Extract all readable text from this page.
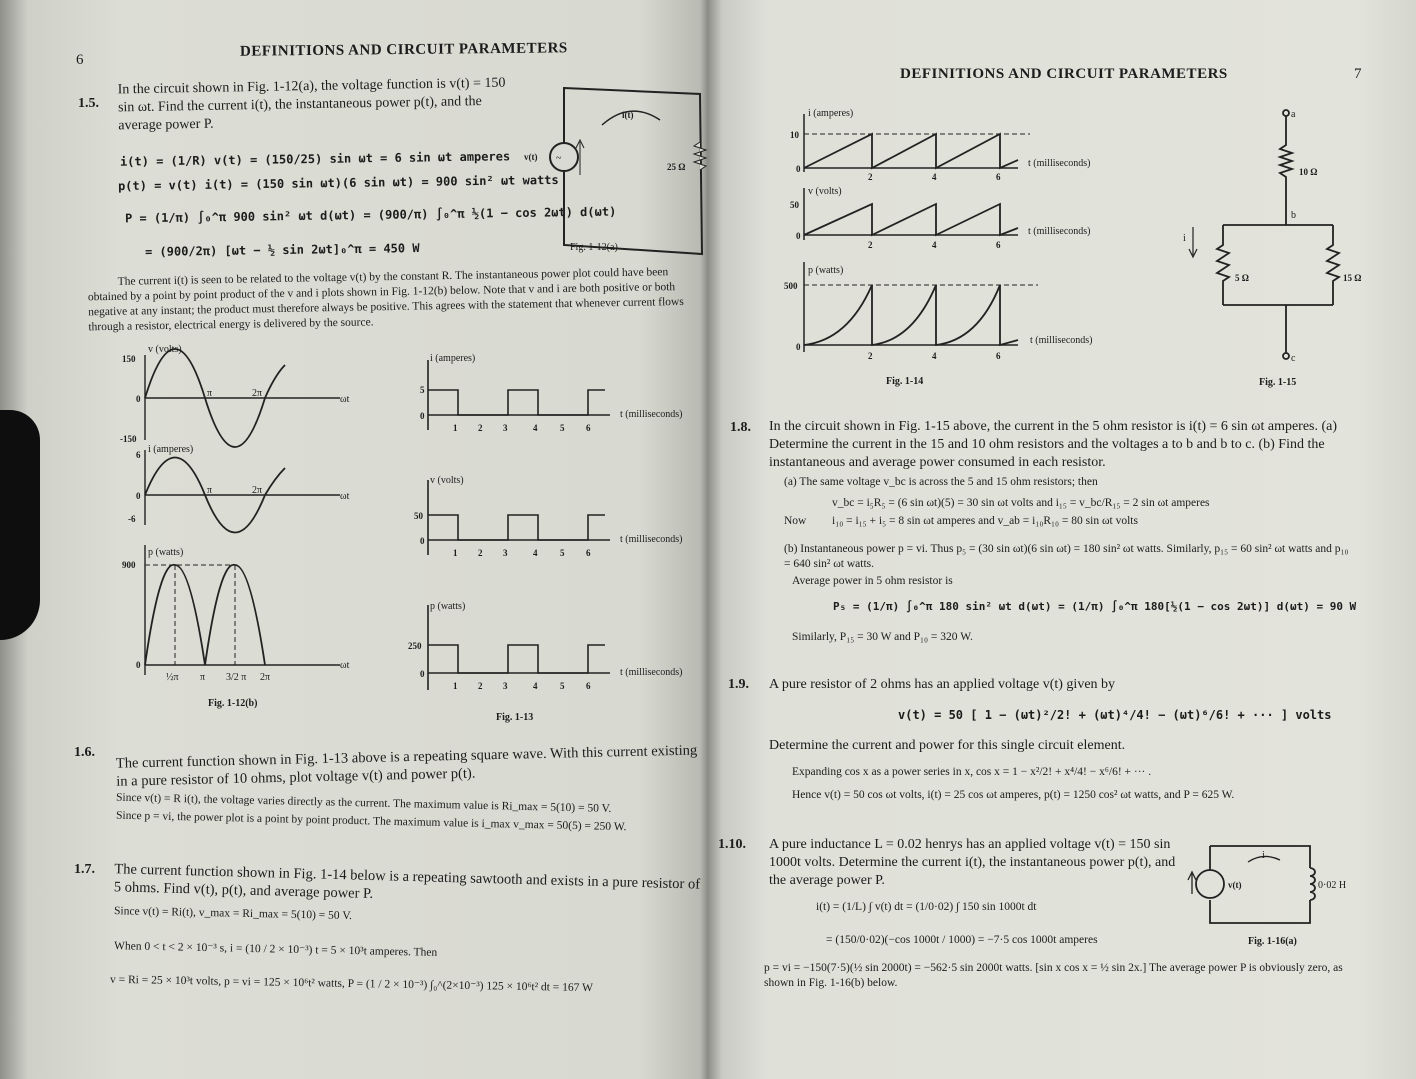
6
DEFINITIONS AND CIRCUIT PARAMETERS
1.5.
In the circuit shown in Fig. 1-12(a), the voltage function is v(t) = 150 sin ωt. Find the current i(t), the instantaneous power p(t), and the average power P.
i(t) = (1/R) v(t) = (150/25) sin ωt = 6 sin ωt amperes
p(t) = v(t) i(t) = (150 sin ωt)(6 sin ωt) = 900 sin² ωt watts
P = (1/π) ∫₀^π 900 sin² ωt d(ωt) = (900/π) ∫₀^π ½(1 − cos 2ωt) d(ωt)
= (900/2π) [ωt − ½ sin 2ωt]₀^π = 450 W
~
i(t)
v(t)
25 Ω
Fig. 1-12(a)
The current i(t) is seen to be related to the voltage v(t) by the constant R. The instantaneous power plot could have been obtained by a point by point product of the v and i plots shown in Fig. 1-12(b) below. Note that v and i are both positive or both negative at any instant; the product must therefore always be positive. This agrees with the statement that whenever current flows through a resistor, electrical energy is delivered by the source.
v (volts)
150
0
-150
π	2π
ωt
i (amperes)
6
0
-6
π	2π
ωt
p (watts)
900
0
½π π 3/2 π 2π
ωt
Fig. 1-12(b)
i (amperes)
5
0	t (milliseconds)
v (volts)
50
0	t (milliseconds)
p (watts)
250
0	t (milliseconds)
1 2 3	4	5 6
1 2 3	4	5 6
1 2 3	4	5 6
Fig. 1-13
1.6. The current function shown in Fig. 1-13 above is a repeating square wave. With this current existing in a pure resistor of 10 ohms, plot voltage v(t) and power p(t).
Since v(t) = R i(t), the voltage varies directly as the current. The maximum value is Ri_max = 5(10) = 50 V.
Since p = vi, the power plot is a point by point product. The maximum value is i_max v_max = 50(5) = 250 W.
1.7. The current function shown in Fig. 1-14 below is a repeating sawtooth and exists in a pure resistor of 5 ohms. Find v(t), p(t), and average power P.
Since v(t) = Ri(t), v_max = Ri_max = 5(10) = 50 V.
When 0 < t < 2 × 10⁻³ s, i = (10 / 2 × 10⁻³) t = 5 × 10³t amperes. Then
v = Ri = 25 × 10³t volts, p = vi = 125 × 10⁶t² watts, P = (1 / 2 × 10⁻³) ∫₀^(2×10⁻³) 125 × 10⁶t² dt = 167 W
DEFINITIONS AND CIRCUIT PARAMETERS	7
i (amperes)
10
0	t (milliseconds)
v (volts)
50
0	t (milliseconds)
p (watts)
500
0
t (milliseconds)
2	4	6
2	4	6
2	4	6
Fig. 1-14
a
b
c
10 Ω
5 Ω	15 Ω
i
Fig. 1-15
1.8. In the circuit shown in Fig. 1-15 above, the current in the 5 ohm resistor is i(t) = 6 sin ωt amperes. (a) Determine the current in the 15 and 10 ohm resistors and the voltages a to b and b to c. (b) Find the instantaneous and average power consumed in each resistor.
(a) The same voltage v_bc is across the 5 and 15 ohm resistors; then
v_bc = i₅R₅ = (6 sin ωt)(5) = 30 sin ωt volts and i₁₅ = v_bc/R₁₅ = 2 sin ωt amperes
Now i₁₀ = i₁₅ + i₅ = 8 sin ωt amperes and v_ab = i₁₀R₁₀ = 80 sin ωt volts
(b) Instantaneous power p = vi. Thus p₅ = (30 sin ωt)(6 sin ωt) = 180 sin² ωt watts. Similarly, p₁₅ = 60 sin² ωt watts and p₁₀ = 640 sin² ωt watts.
Average power in 5 ohm resistor is
P₅ = (1/π) ∫₀^π 180 sin² ωt d(ωt) = (1/π) ∫₀^π 180[½(1 − cos 2ωt)] d(ωt) = 90 W
Similarly, P₁₅ = 30 W and P₁₀ = 320 W.
1.9. A pure resistor of 2 ohms has an applied voltage v(t) given by
v(t) = 50 [ 1 − (ωt)²/2! + (ωt)⁴/4! − (ωt)⁶/6! + ··· ] volts
Determine the current and power for this single circuit element.
Expanding cos x as a power series in x, cos x = 1 − x²/2! + x⁴/4! − x⁶/6! + ··· .
Hence v(t) = 50 cos ωt volts, i(t) = 25 cos ωt amperes, p(t) = 1250 cos² ωt watts, and P = 625 W.
1.10. A pure inductance L = 0.02 henrys has an applied voltage v(t) = 150 sin 1000t volts. Determine the current i(t), the instantaneous power p(t), and the average power P.
i(t) = (1/L) ∫ v(t) dt = (1/0·02) ∫ 150 sin 1000t dt
= (150/0·02)(−cos 1000t / 1000) = −7·5 cos 1000t amperes
p = vi = −150(7·5)(½ sin 2000t) = −562·5 sin 2000t watts. [sin x cos x = ½ sin 2x.] The average power P is obviously zero, as shown in Fig. 1-16(b) below.
i
v(t)	0·02 H
Fig. 1-16(a)
